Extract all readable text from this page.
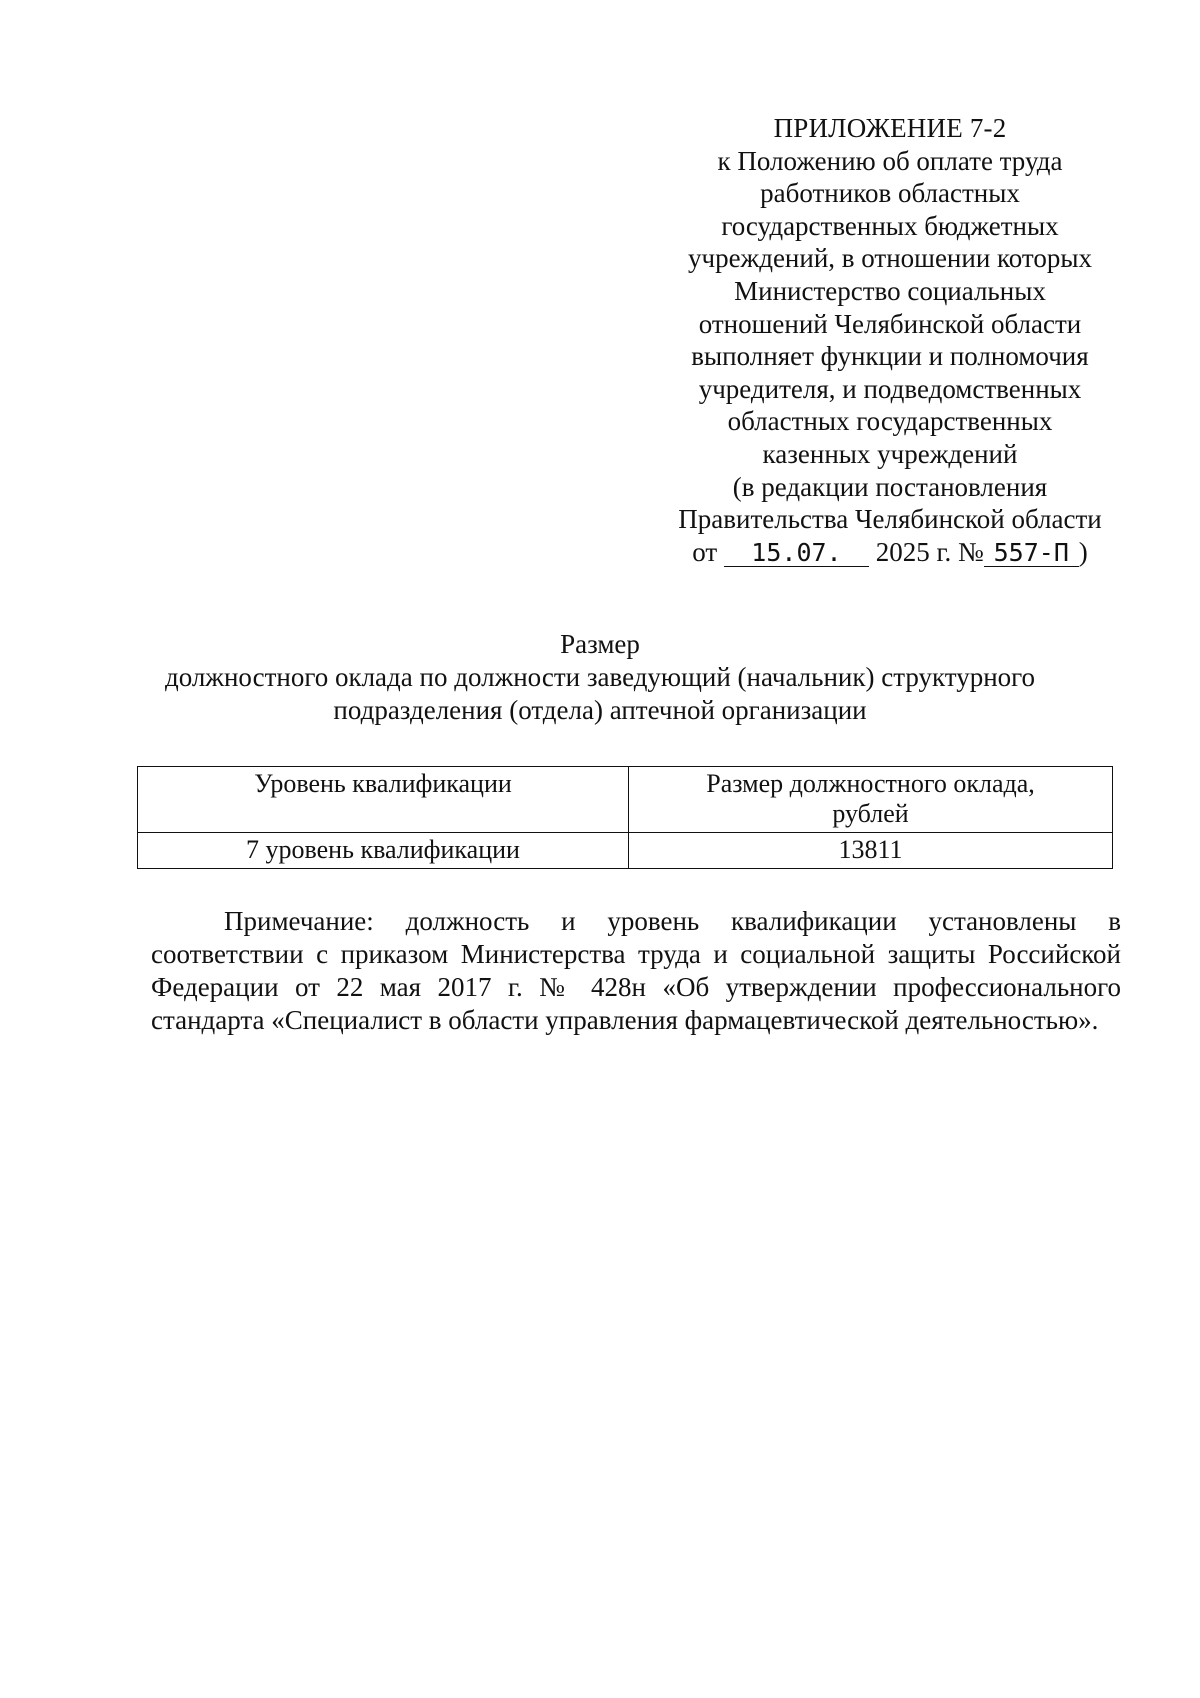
ПРИЛОЖЕНИЕ 7-2
к Положению об оплате труда
работников областных
государственных бюджетных
учреждений, в отношении которых
Министерство социальных
отношений Челябинской области
выполняет функции и полномочия
учредителя, и подведомственных
областных государственных
казенных учреждений
(в редакции постановления
Правительства Челябинской области
от 15.07. 2025 г. № 557-П )
Размер
должностного оклада по должности заведующий (начальник) структурного
подразделения (отдела) аптечной организации
Уровень квалификации	Размер должностного оклада,
рублей
7 уровень квалификации	13811
Примечание: должность и уровень квалификации установлены в соответствии с приказом Министерства труда и социальной защиты Российской Федерации от 22 мая 2017 г. № 428н «Об утверждении профессионального стандарта «Специалист в области управления фармацевтической деятельностью».
